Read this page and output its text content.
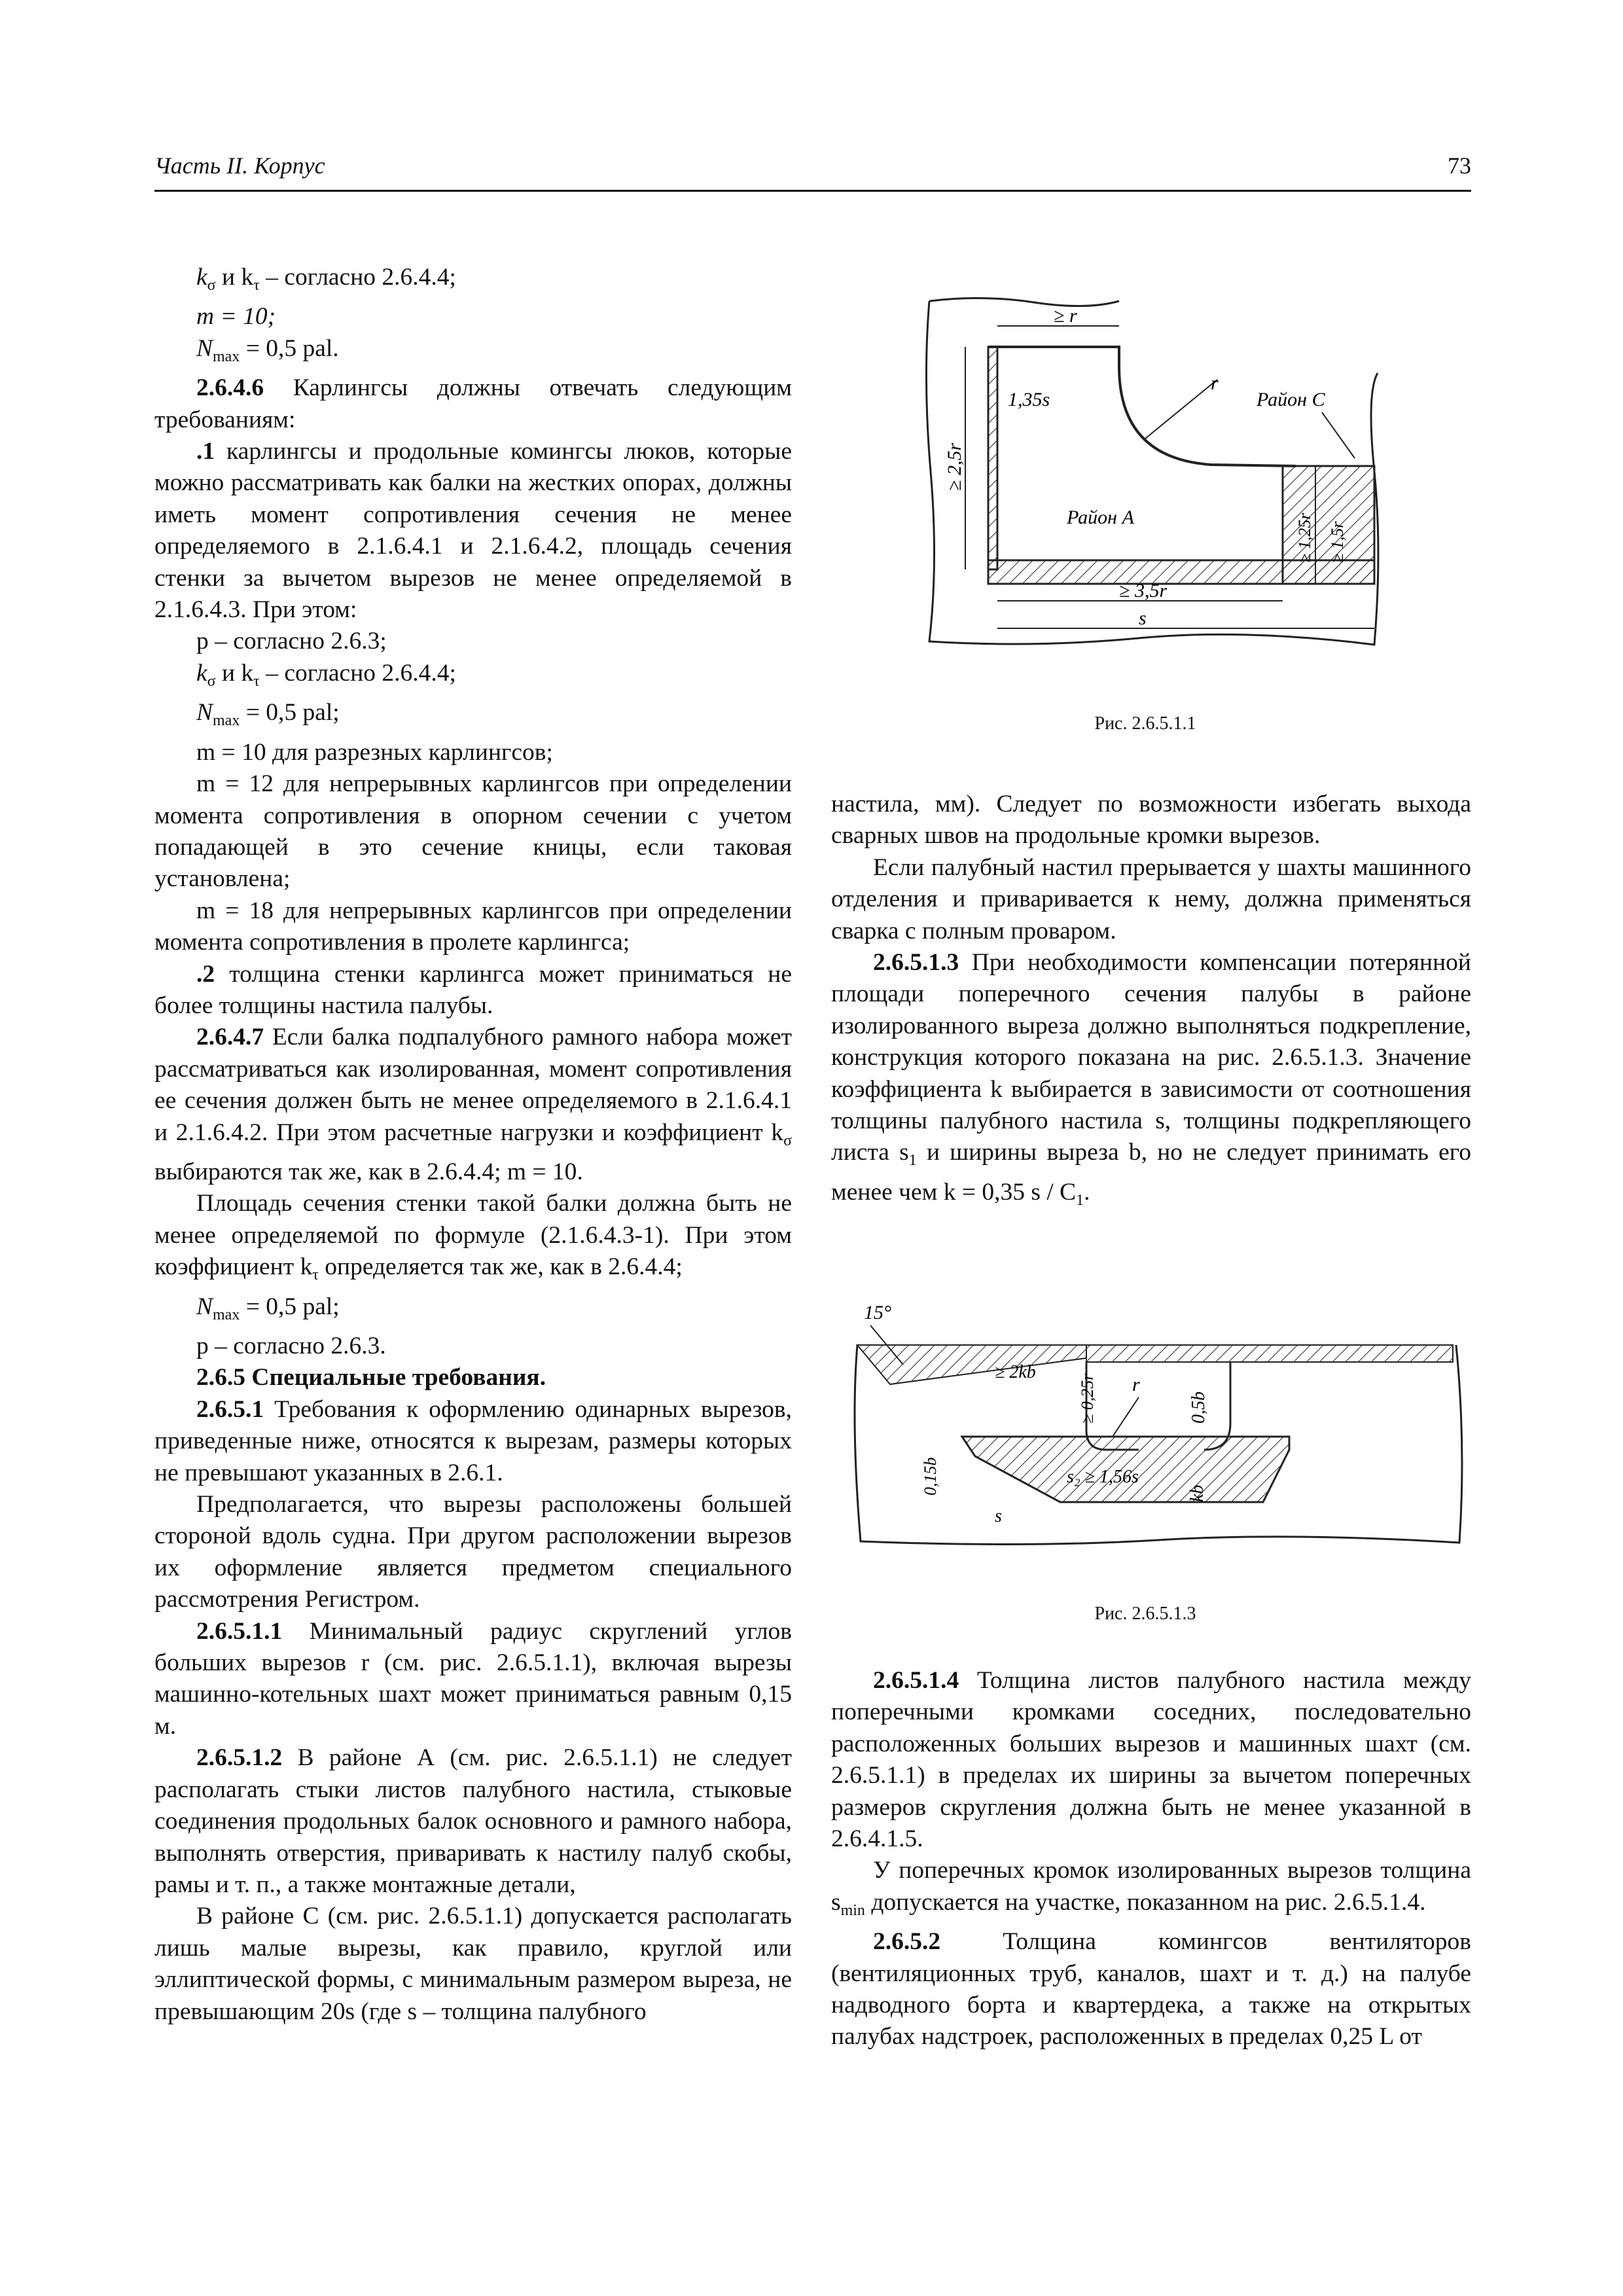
Часть II. Корпус	73

$k_\sigma$ и $k_\tau$ – согласно 2.6.4.4;

m = 10;

$N_{max} = 0,5$ pal.

2.6.4.6 Карлингсы должны отвечать следующим требованиям:

.1 карлингсы и продольные комингсы люков, которые можно рассматривать как балки на жестких опорах, должны иметь момент сопротивления сечения не менее определяемого в 2.1.6.4.1 и 2.1.6.4.2, площадь сечения стенки за вычетом вырезов не менее определяемой в 2.1.6.4.3. При этом:

p – согласно 2.6.3;

$k_\sigma$ и $k_\tau$ – согласно 2.6.4.4;

$N_{max} = 0,5$ pal;

m = 10 для разрезных карлингсов;

m = 12 для непрерывных карлингсов при определении момента сопротивления в опорном сечении с учетом попадающей в это сечение кницы, если таковая установлена;

m = 18 для непрерывных карлингсов при определении момента сопротивления в пролете карлингса;

.2 толщина стенки карлингса может приниматься не более толщины настила палубы.

2.6.4.7 Если балка подпалубного рамного набора может рассматриваться как изолированная, момент сопротивления ее сечения должен быть не менее определяемого в 2.1.6.4.1 и 2.1.6.4.2. При этом расчетные нагрузки и коэффициент $k_\sigma$ выбираются так же, как в 2.6.4.4; m = 10.

Площадь сечения стенки такой балки должна быть не менее определяемой по формуле (2.1.6.4.3-1). При этом коэффициент $k_\tau$ определяется так же, как в 2.6.4.4;

$N_{max} = 0,5$ pal;

p – согласно 2.6.3.

2.6.5 Специальные требования.

2.6.5.1 Требования к оформлению одинарных вырезов, приведенные ниже, относятся к вырезам, размеры которых не превышают указанных в 2.6.1.

Предполагается, что вырезы расположены большей стороной вдоль судна. При другом расположении вырезов их оформление является предметом специального рассмотрения Регистром.

2.6.5.1.1 Минимальный радиус скруглений углов больших вырезов r (см. рис. 2.6.5.1.1), включая вырезы машинно-котельных шахт может приниматься равным 0,15 м.

2.6.5.1.2 В районе А (см. рис. 2.6.5.1.1) не следует располагать стыки листов палубного настила, стыковые соединения продольных балок основного и рамного набора, выполнять отверстия, приваривать к настилу палуб скобы, рамы и т. п., а также монтажные детали,

В районе С (см. рис. 2.6.5.1.1) допускается располагать лишь малые вырезы, как правило, круглой или эллиптической формы, с минимальным размером выреза, не превышающим 20s (где s – толщина палубного

≥ r
r
1,35s
Район А
Район С
≥ 2,5r
≥ 1,25r ≥ 1,5r
≥ 3,5r
s
Рис. 2.6.5.1.1

настила, мм). Следует по возможности избегать выхода сварных швов на продольные кромки вырезов.

Если палубный настил прерывается у шахты машинного отделения и приваривается к нему, должна применяться сварка с полным проваром.

2.6.5.1.3 При необходимости компенсации потерянной площади поперечного сечения палубы в районе изолированного выреза должно выполняться подкрепление, конструкция которого показана на рис. 2.6.5.1.3. Значение коэффициента k выбирается в зависимости от соотношения толщины палубного настила s, толщины подкрепляющего листа $s_1$ и ширины выреза b, но не следует принимать его менее чем k = 0,35 s / $C_1$.

15°
≥ 2kb
≥ 0,25r r
0,5b
0,15b	s₂ ≥ 1,56s
kb
s
Рис. 2.6.5.1.3

2.6.5.1.4 Толщина листов палубного настила между поперечными кромками соседних, последовательно расположенных больших вырезов и машинных шахт (см. 2.6.5.1.1) в пределах их ширины за вычетом поперечных размеров скругления должна быть не менее указанной в 2.6.4.1.5.

У поперечных кромок изолированных вырезов толщина $s_{min}$ допускается на участке, показанном на рис. 2.6.5.1.4.

2.6.5.2 Толщина комингсов вентиляторов (вентиляционных труб, каналов, шахт и т. д.) на палубе надводного борта и квартердека, а также на открытых палубах надстроек, расположенных в пределах 0,25 L от
